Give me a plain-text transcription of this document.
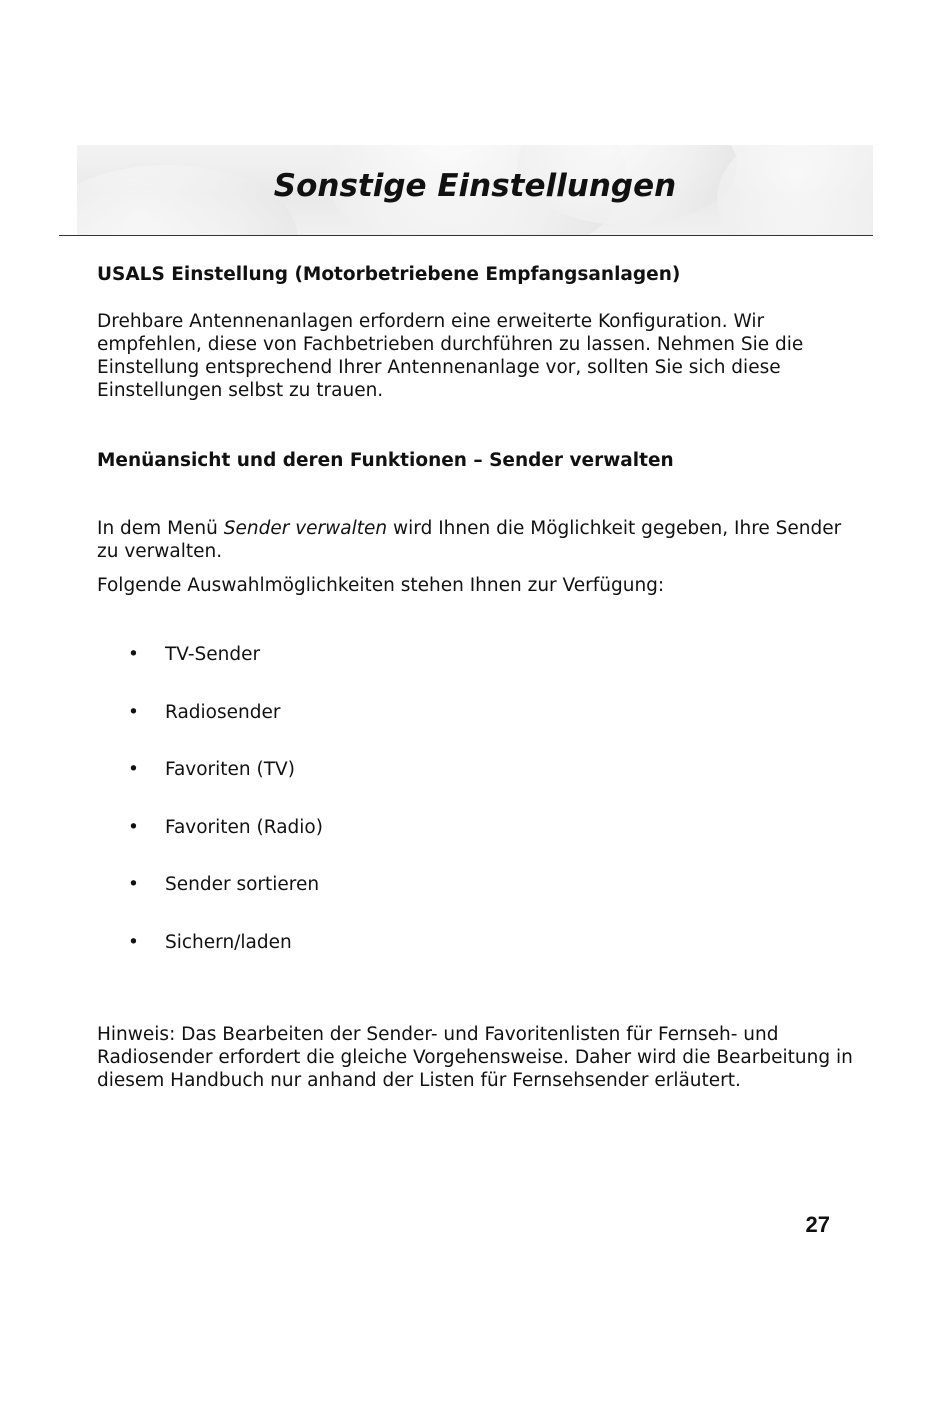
Sonstige Einstellungen
USALS Einstellung (Motorbetriebene Empfangsanlagen)

Drehbare Antennenanlagen erfordern eine erweiterte Konfiguration. Wir empfehlen, diese von Fachbetrieben durchführen zu lassen. Nehmen Sie die Einstellung entsprechend Ihrer Antennenanlage vor, sollten Sie sich diese Einstellungen selbst zu trauen.

Menüansicht und deren Funktionen – Sender verwalten

In dem Menü Sender verwalten wird Ihnen die Möglichkeit gegeben, Ihre Sender zu verwalten.

Folgende Auswahlmöglichkeiten stehen Ihnen zur Verfügung:

• TV-Sender
• Radiosender
• Favoriten (TV)
• Favoriten (Radio)
• Sender sortieren
• Sichern/laden

Hinweis: Das Bearbeiten der Sender- und Favoritenlisten für Fernseh- und Radiosender erfordert die gleiche Vorgehensweise. Daher wird die Bearbeitung in diesem Handbuch nur anhand der Listen für Fernsehsender erläutert.

27
